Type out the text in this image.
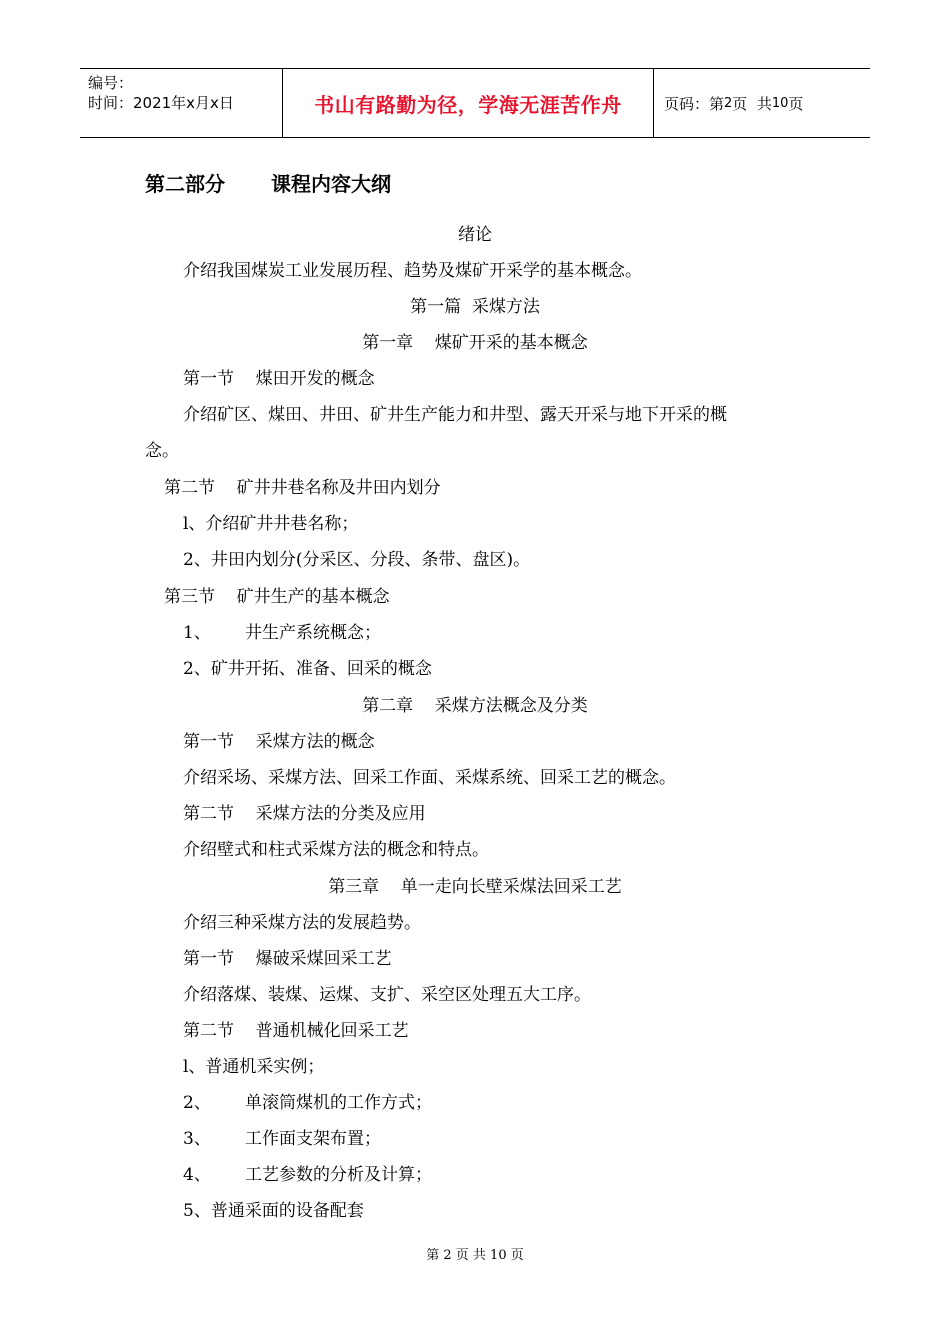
编号：
时间：2021年x月x日	书山有路勤为径，学海无涯苦作舟	页码：第 2 页  共 10 页
第二部分 课程内容大纲
绪论
介绍我国煤炭工业发展历程、趋势及煤矿开采学的基本概念。
第一篇  采煤方法
第一章    煤矿开采的基本概念
第一节    煤田开发的概念
介绍矿区、煤田、井田、矿井生产能力和井型、露天开采与地下开采的概
念。
第二节    矿井井巷名称及井田内划分
l、介绍矿井井巷名称；
2、井田内划分(分采区、分段、条带、盘区)。
第三节    矿井生产的基本概念
1、 井生产系统概念；
2、矿井开拓、准备、回采的概念
第二章    采煤方法概念及分类
第一节    采煤方法的概念
介绍采场、采煤方法、回采工作面、采煤系统、回采工艺的概念。
第二节    采煤方法的分类及应用
介绍壁式和柱式采煤方法的概念和特点。
第三章    单一走向长壁采煤法回采工艺
介绍三种采煤方法的发展趋势。
第一节    爆破采煤回采工艺
介绍落煤、装煤、运煤、支扩、采空区处理五大工序。
第二节    普通机械化回采工艺
l、普通机采实例；
2、 单滚筒煤机的工作方式；
3、 工作面支架布置；
4、 工艺参数的分析及计算；
5、普通采面的设备配套
第 2 页 共 10 页
